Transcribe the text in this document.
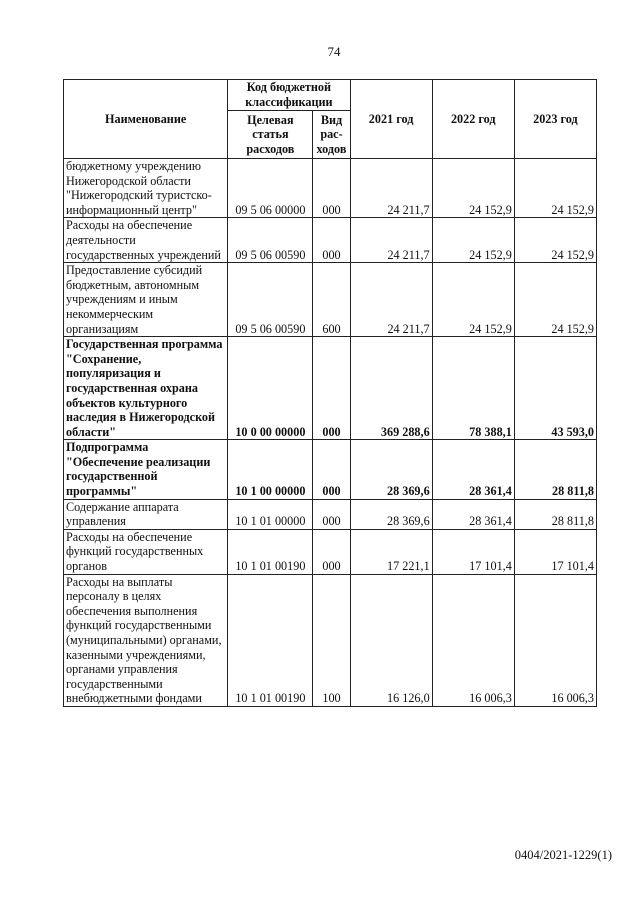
74
Наименование	Код бюджетной классификации		2021 год	2022 год	2023 год
	Целевая статья расходов	Вид рас-ходов			
бюджетному учреждению Нижегородской области "Нижегородский туристско-информационный центр"	09 5 06 00000	000	24 211,7	24 152,9	24 152,9
Расходы на обеспечение деятельности государственных учреждений	09 5 06 00590	000	24 211,7	24 152,9	24 152,9
Предоставление субсидий бюджетным, автономным учреждениям и иным некоммерческим организациям	09 5 06 00590	600	24 211,7	24 152,9	24 152,9
Государственная программа "Сохранение, популяризация и государственная охрана объектов культурного наследия в Нижегородской области"	10 0 00 00000	000	369 288,6	78 388,1	43 593,0
Подпрограмма "Обеспечение реализации государственной программы"	10 1 00 00000	000	28 369,6	28 361,4	28 811,8
Содержание аппарата управления	10 1 01 00000	000	28 369,6	28 361,4	28 811,8
Расходы на обеспечение функций государственных органов	10 1 01 00190	000	17 221,1	17 101,4	17 101,4
Расходы на выплаты персоналу в целях обеспечения выполнения функций государственными (муниципальными) органами, казенными учреждениями, органами управления государственными внебюджетными фондами	10 1 01 00190	100	16 126,0	16 006,3	16 006,3
0404/2021-1229(1)
